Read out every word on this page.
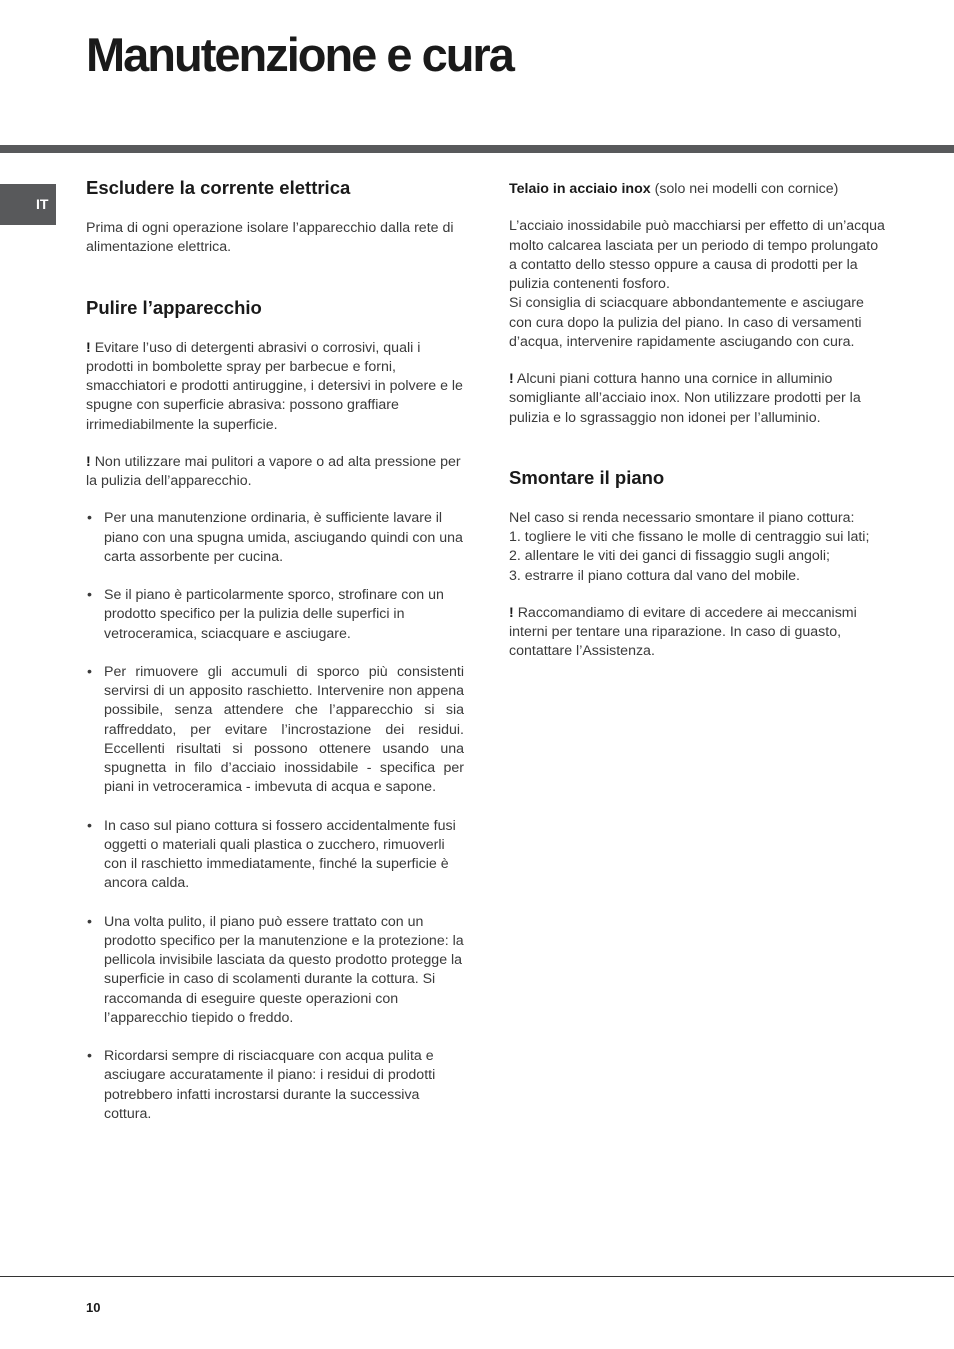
Manutenzione e cura
IT
Escludere la corrente elettrica

Prima di ogni operazione isolare l’apparecchio dalla rete di alimentazione elettrica.

Pulire l’apparecchio

! Evitare l’uso di detergenti abrasivi o corrosivi, quali i prodotti in bombolette spray per barbecue e forni, smacchiatori e prodotti antiruggine, i detersivi in polvere e le spugne con superficie abrasiva: possono graffiare irrimediabilmente la superficie.

! Non utilizzare mai pulitori a vapore o ad alta pressione per la pulizia dell’apparecchio.

• Per una manutenzione ordinaria, è sufficiente lavare il piano con una spugna umida, asciugando quindi con una carta assorbente per cucina.
• Se il piano è particolarmente sporco, strofinare con un prodotto specifico per la pulizia delle superfici in vetroceramica, sciacquare e asciugare.
• Per rimuovere gli accumuli di sporco più consistenti servirsi di un apposito raschietto. Intervenire non appena possibile, senza attendere che l’apparecchio si sia raffreddato, per evitare l’incrostazione dei residui. Eccellenti risultati si possono ottenere usando una spugnetta in filo d’acciaio inossidabile - specifica per piani in vetroceramica - imbevuta di acqua e sapone.
• In caso sul piano cottura si fossero accidentalmente fusi oggetti o materiali quali plastica o zucchero, rimuoverli con il raschietto immediatamente, finché la superficie è ancora calda.
• Una volta pulito, il piano può essere trattato con un prodotto specifico per la manutenzione e la protezione: la pellicola invisibile lasciata da questo prodotto protegge la superficie in caso di scolamenti durante la cottura. Si raccomanda di eseguire queste operazioni con l’apparecchio tiepido o freddo.
• Ricordarsi sempre di risciacquare con acqua pulita e asciugare accuratamente il piano: i residui di prodotti potrebbero infatti incrostarsi durante la successiva cottura.

Telaio in acciaio inox (solo nei modelli con cornice)

L’acciaio inossidabile può macchiarsi per effetto di un’acqua molto calcarea lasciata per un periodo di tempo prolungato a contatto dello stesso oppure a causa di prodotti per la pulizia contenenti fosforo.

Si consiglia di sciacquare abbondantemente e asciugare con cura dopo la pulizia del piano. In caso di versamenti d’acqua, intervenire rapidamente asciugando con cura.

! Alcuni piani cottura hanno una cornice in alluminio somigliante all’acciaio inox. Non utilizzare prodotti per la pulizia e lo sgrassaggio non idonei per l’alluminio.

Smontare il piano

Nel caso si renda necessario smontare il piano cottura:

1. togliere le viti che fissano le molle di centraggio sui lati;

2. allentare le viti dei ganci di fissaggio sugli angoli;

3. estrarre il piano cottura dal vano del mobile.

! Raccomandiamo di evitare di accedere ai meccanismi interni per tentare una riparazione. In caso di guasto, contattare l’Assistenza.

10
